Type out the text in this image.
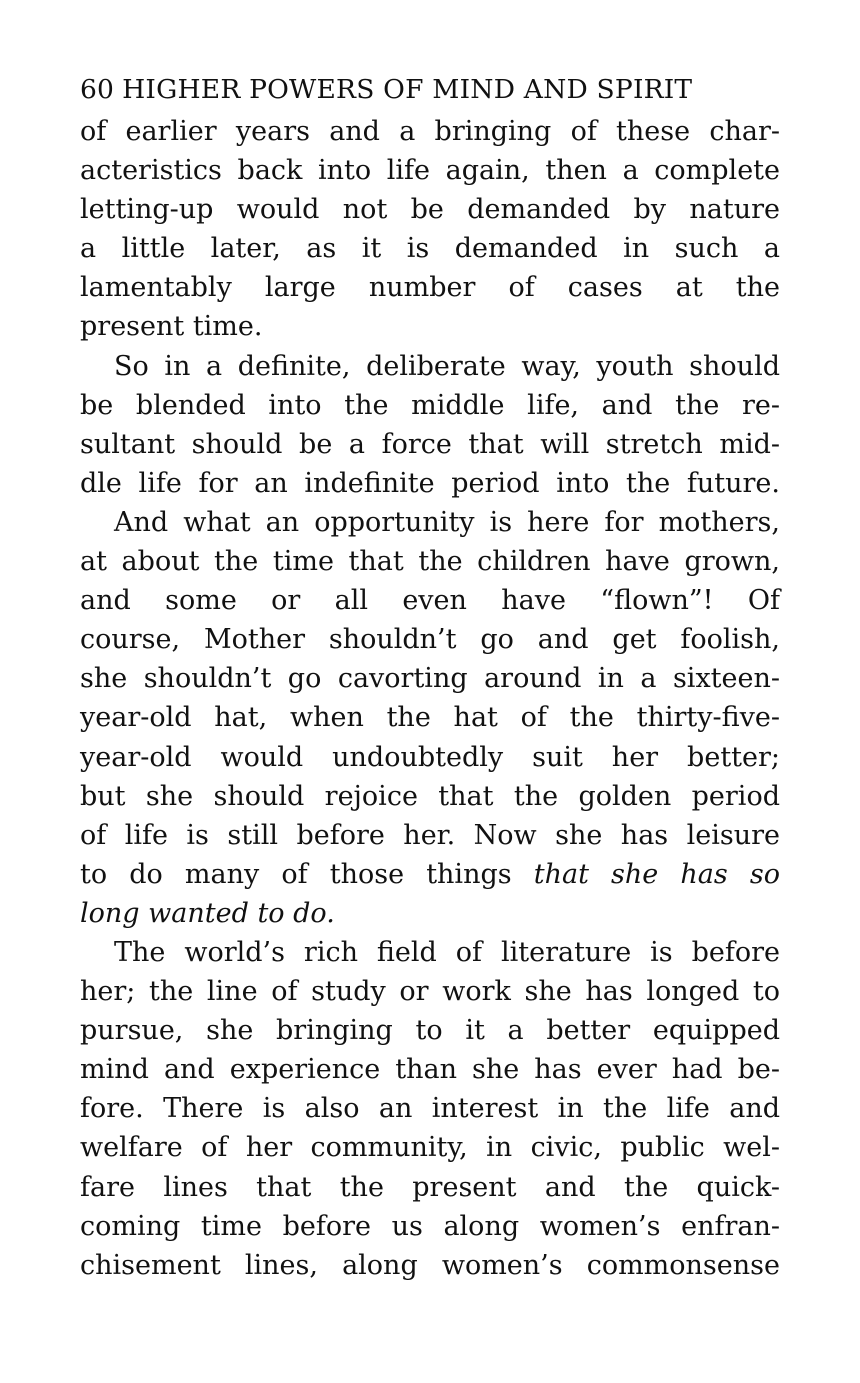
60 HIGHER POWERS OF MIND AND SPIRIT
of earlier years and a bringing of these char-
acteristics back into life again, then a complete
letting-up would not be demanded by nature
a little later, as it is demanded in such a
lamentably large number of cases at the
present time.
So in a definite, deliberate way, youth should
be blended into the middle life, and the re-
sultant should be a force that will stretch mid-
dle life for an indefinite period into the future.
And what an opportunity is here for mothers,
at about the time that the children have grown,
and some or all even have “flown”! Of
course, Mother shouldn’t go and get foolish,
she shouldn’t go cavorting around in a sixteen-
year-old hat, when the hat of the thirty-five-
year-old would undoubtedly suit her better;
but she should rejoice that the golden period
of life is still before her. Now she has leisure
to do many of those things that she has so
long wanted to do.
The world’s rich field of literature is before
her; the line of study or work she has longed to
pursue, she bringing to it a better equipped
mind and experience than she has ever had be-
fore. There is also an interest in the life and
welfare of her community, in civic, public wel-
fare lines that the present and the quick-
coming time before us along women’s enfran-
chisement lines, along women’s commonsense
